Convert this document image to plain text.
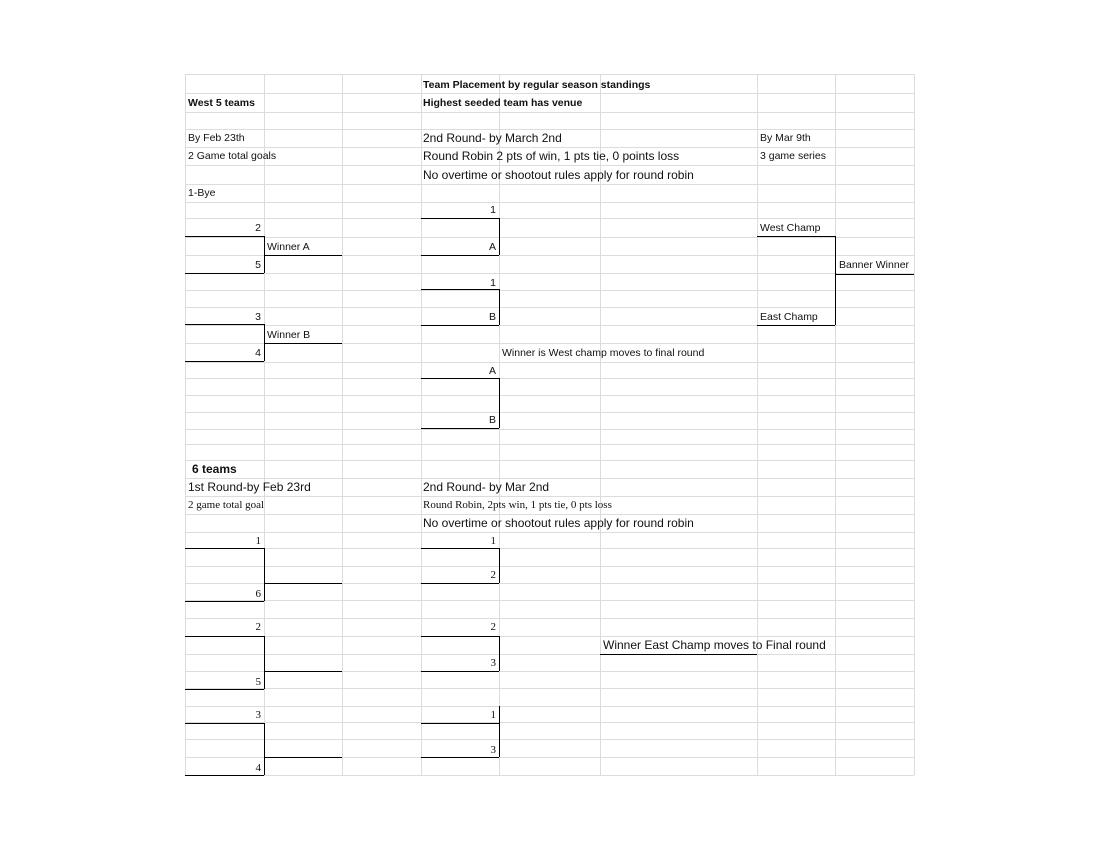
Team Placement by regular season standings
West 5 teams	Highest seeded team has venue
By Feb 23th	2nd Round- by March 2nd	By Mar 9th
2 Game total goals	Round Robin 2 pts of win, 1 pts tie, 0 points loss	3 game series
No overtime or shootout rules apply for round robin
1-Bye
1
2	West Champ
Winner A	A
5	Banner Winner
1
3	B	East Champ
Winner B
4	Winner is West champ moves to final round
A
B
6 teams
1st Round-by Feb 23rd	2nd Round- by Mar 2nd
2 game total goal	Round Robin, 2pts win, 1 pts tie, 0 pts loss
No overtime or shootout rules apply for round robin
1	1
2
6
2	2
Winner East Champ moves to Final round
3
5
3	1
3
4
